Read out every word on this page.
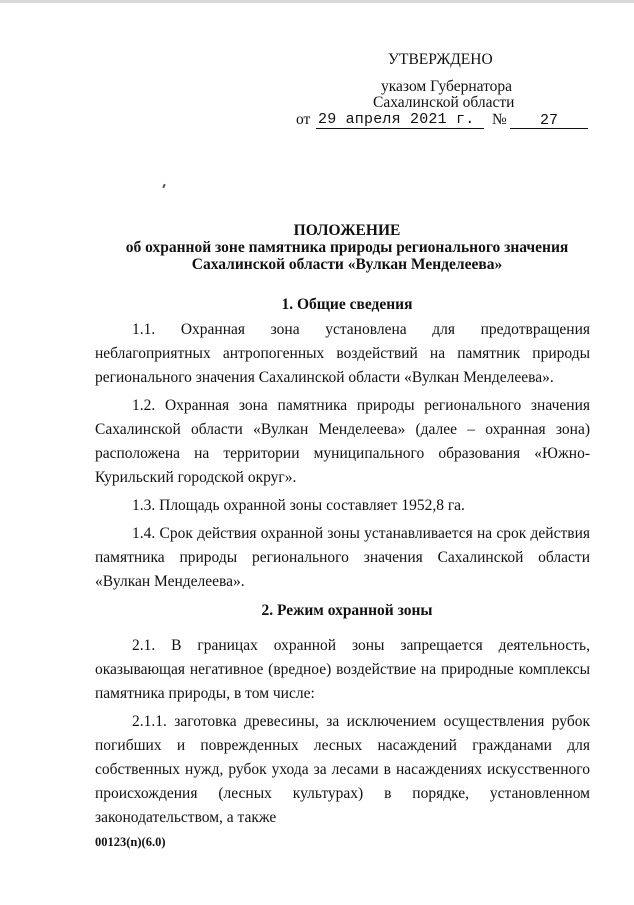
УТВЕРЖДЕНО
указом Губернатора
Сахалинской области
от 29 апреля 2021 г. №	27
ПОЛОЖЕНИЕ
об охранной зоне памятника природы регионального значения
Сахалинской области «Вулкан Менделеева»
1. Общие сведения

1.1. Охранная зона установлена для предотвращения неблагоприятных антропогенных воздействий на памятник природы регионального значения Сахалинской области «Вулкан Менделеева».

1.2. Охранная зона памятника природы регионального значения Сахалинской области «Вулкан Менделеева» (далее – охранная зона) расположена на территории муниципального образования «Южно-Курильский городской округ».

1.3. Площадь охранной зоны составляет 1952,8 га.

1.4. Срок действия охранной зоны устанавливается на срок действия памятника природы регионального значения Сахалинской области «Вулкан Менделеева».

2. Режим охранной зоны

2.1. В границах охранной зоны запрещается деятельность, оказывающая негативное (вредное) воздействие на природные комплексы памятника природы, в том числе:

2.1.1. заготовка древесины, за исключением осуществления рубок погибших и поврежденных лесных насаждений гражданами для собственных нужд, рубок ухода за лесами в насаждениях искусственного происхождения (лесных культурах) в порядке, установленном законодательством, а также

00123(n)(6.0)
